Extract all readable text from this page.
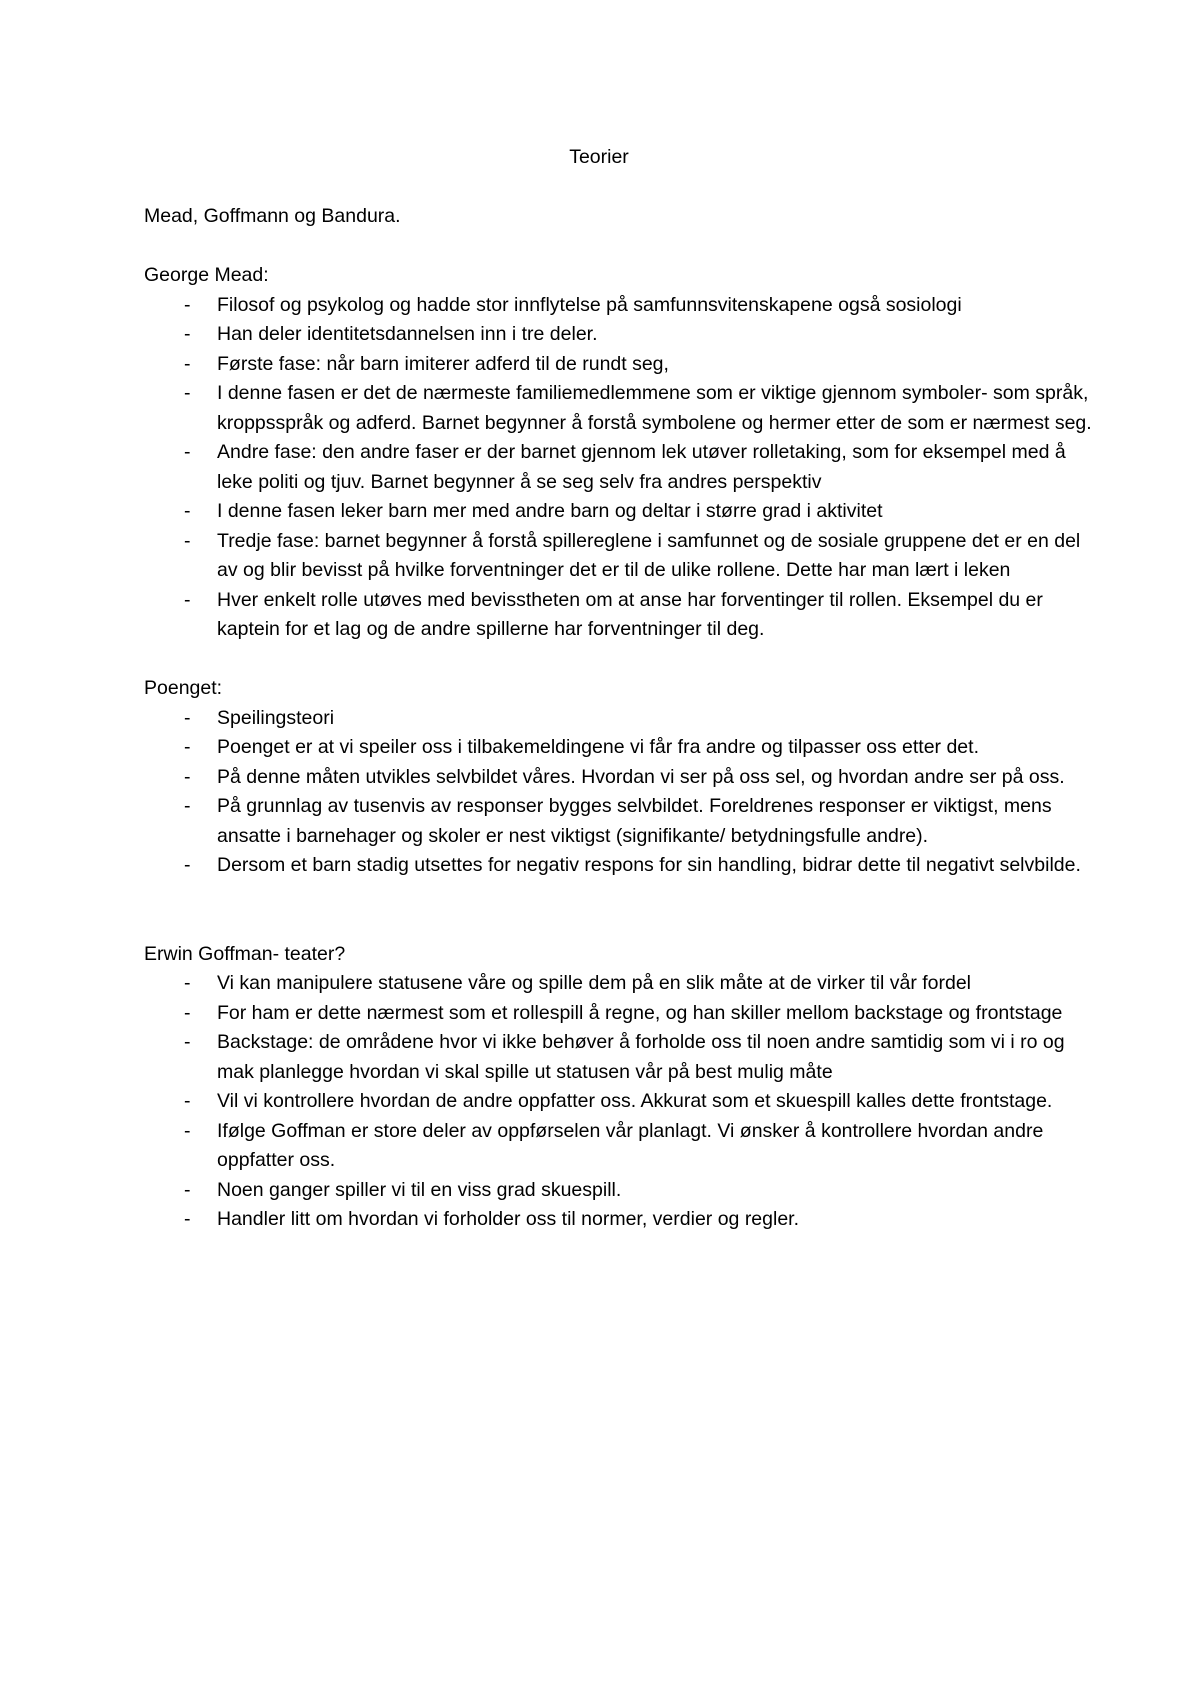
Teorier

Mead, Goffmann og Bandura.

George Mead:

- Filosof og psykolog og hadde stor innflytelse på samfunnsvitenskapene også sosiologi
- Han deler identitetsdannelsen inn i tre deler.
- Første fase: når barn imiterer adferd til de rundt seg,
- I denne fasen er det de nærmeste familiemedlemmene som er viktige gjennom symboler- som språk, kroppsspråk og adferd. Barnet begynner å forstå symbolene og hermer etter de som er nærmest seg.
- Andre fase: den andre faser er der barnet gjennom lek utøver rolletaking, som for eksempel med å leke politi og tjuv. Barnet begynner å se seg selv fra andres perspektiv
- I denne fasen leker barn mer med andre barn og deltar i større grad i aktivitet
- Tredje fase: barnet begynner å forstå spillereglene i samfunnet og de sosiale gruppene det er en del av og blir bevisst på hvilke forventninger det er til de ulike rollene. Dette har man lært i leken
- Hver enkelt rolle utøves med bevisstheten om at anse har forventinger til rollen. Eksempel du er kaptein for et lag og de andre spillerne har forventninger til deg.

Poenget:

- Speilingsteori
- Poenget er at vi speiler oss i tilbakemeldingene vi får fra andre og tilpasser oss etter det.
- På denne måten utvikles selvbildet våres. Hvordan vi ser på oss sel, og hvordan andre ser på oss.
- På grunnlag av tusenvis av responser bygges selvbildet. Foreldrenes responser er viktigst, mens ansatte i barnehager og skoler er nest viktigst (signifikante/ betydningsfulle andre).
- Dersom et barn stadig utsettes for negativ respons for sin handling, bidrar dette til negativt selvbilde.

Erwin Goffman- teater?

- Vi kan manipulere statusene våre og spille dem på en slik måte at de virker til vår fordel
- For ham er dette nærmest som et rollespill å regne, og han skiller mellom backstage og frontstage
- Backstage: de områdene hvor vi ikke behøver å forholde oss til noen andre samtidig som vi i ro og mak planlegge hvordan vi skal spille ut statusen vår på best mulig måte
- Vil vi kontrollere hvordan de andre oppfatter oss. Akkurat som et skuespill kalles dette frontstage.
- Ifølge Goffman er store deler av oppførselen vår planlagt. Vi ønsker å kontrollere hvordan andre oppfatter oss.
- Noen ganger spiller vi til en viss grad skuespill.
- Handler litt om hvordan vi forholder oss til normer, verdier og regler.
